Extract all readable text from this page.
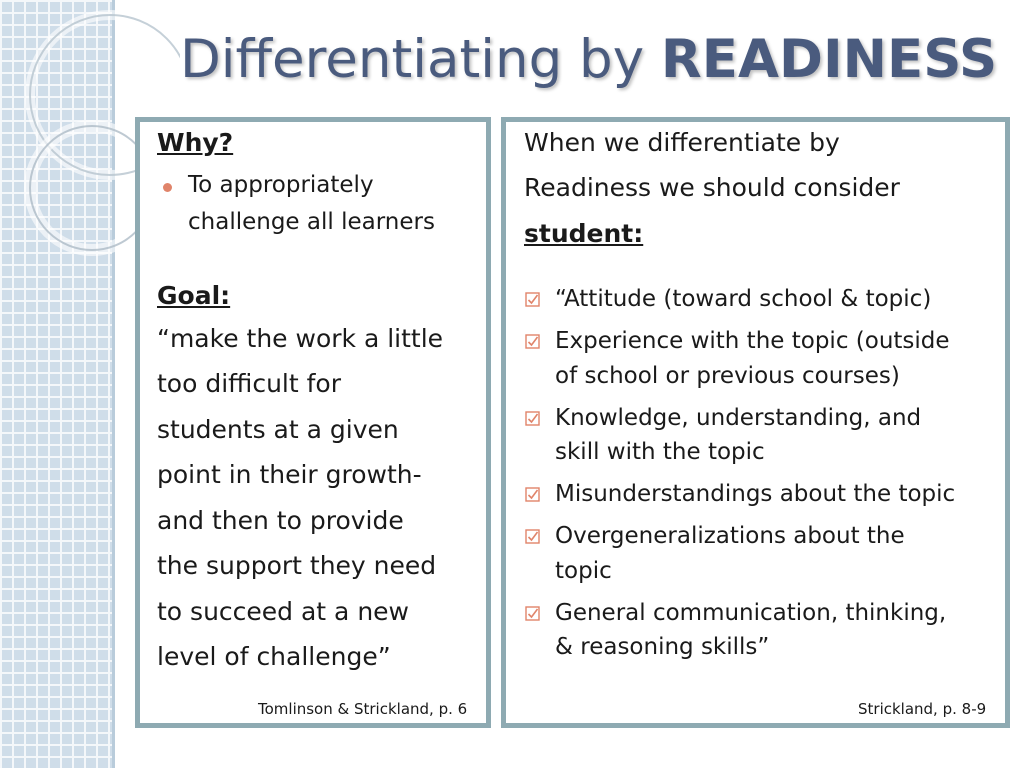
Differentiating by READINESS

Why?

To appropriately

challenge all learners

Goal:

“make the work a little

too difficult for

students at a given

point in their growth-

and then to provide

the support they need

to succeed at a new

level of challenge”

Tomlinson & Strickland, p. 6

When we differentiate by

Readiness we should consider

student:

“Attitude (toward school & topic)

Experience with the topic (outside

of school or previous courses)

Knowledge, understanding, and

skill with the topic

Misunderstandings about the topic

Overgeneralizations about the

topic

General communication, thinking,

& reasoning skills”

Strickland, p. 8-9
